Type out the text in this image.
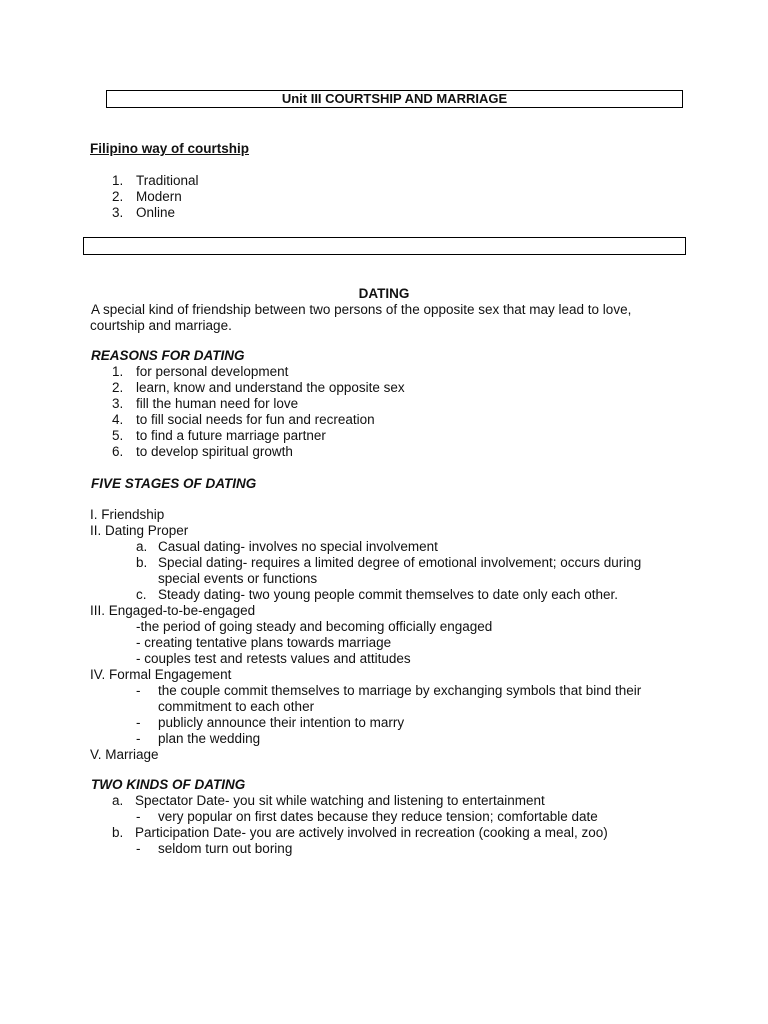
Unit III COURTSHIP AND MARRIAGE
Filipino way of courtship
1. Traditional
2. Modern
3. Online
DATING
A special kind of friendship between two persons of the opposite sex that may lead to love,
courtship and marriage.
REASONS FOR DATING
1. for personal development
2. learn, know and understand the opposite sex
3. fill the human need for love
4. to fill social needs for fun and recreation
5. to find a future marriage partner
6. to develop spiritual growth
FIVE STAGES OF DATING
I. Friendship
II. Dating Proper
a. Casual dating- involves no special involvement
b. Special dating- requires a limited degree of emotional involvement; occurs during
special events or functions
c. Steady dating- two young people commit themselves to date only each other.
III. Engaged-to-be-engaged
-the period of going steady and becoming officially engaged
- creating tentative plans towards marriage
- couples test and retests values and attitudes
IV. Formal Engagement
- the couple commit themselves to marriage by exchanging symbols that bind their
commitment to each other
- publicly announce their intention to marry
- plan the wedding
V. Marriage
TWO KINDS OF DATING
a. Spectator Date- you sit while watching and listening to entertainment
- very popular on first dates because they reduce tension; comfortable date
b. Participation Date- you are actively involved in recreation (cooking a meal, zoo)
- seldom turn out boring
